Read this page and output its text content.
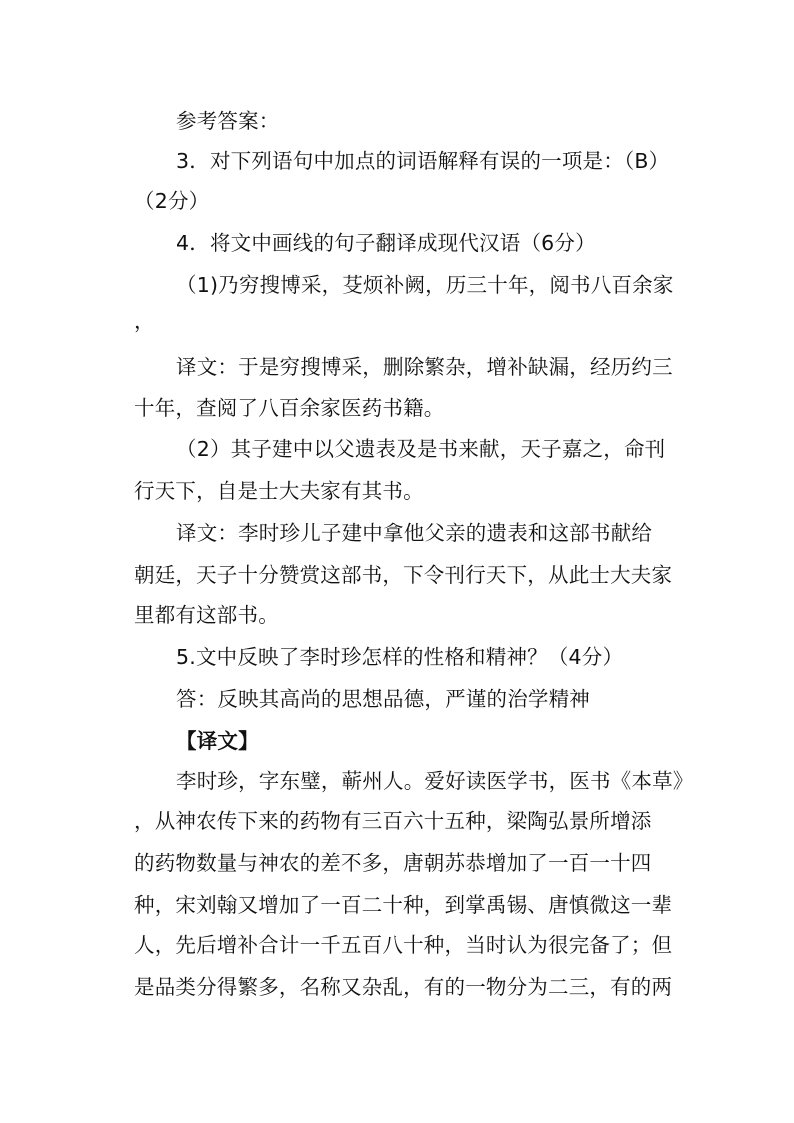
参考答案：
3．对下列语句中加点的词语解释有误的一项是：（B）
（2分）
4．将文中画线的句子翻译成现代汉语（6分）
（1)乃穷搜博采，芟烦补阙，历三十年，阅书八百余家
，
译文：于是穷搜博采，删除繁杂，增补缺漏，经历约三
十年，查阅了八百余家医药书籍。
（2）其子建中以父遗表及是书来献，天子嘉之，命刊
行天下，自是士大夫家有其书。
译文：李时珍儿子建中拿他父亲的遗表和这部书献给
朝廷，天子十分赞赏这部书，下令刊行天下，从此士大夫家
里都有这部书。
5.文中反映了李时珍怎样的性格和精神？（4分）
答：反映其高尚的思想品德，严谨的治学精神
【译文】
李时珍，字东璧，蕲州人。爱好读医学书，医书《本草》
，从神农传下来的药物有三百六十五种，梁陶弘景所增添
的药物数量与神农的差不多，唐朝苏恭增加了一百一十四
种，宋刘翰又增加了一百二十种，到掌禹锡、唐慎微这一辈
人，先后增补合计一千五百八十种，当时认为很完备了；但
是品类分得繁多，名称又杂乱，有的一物分为二三，有的两
